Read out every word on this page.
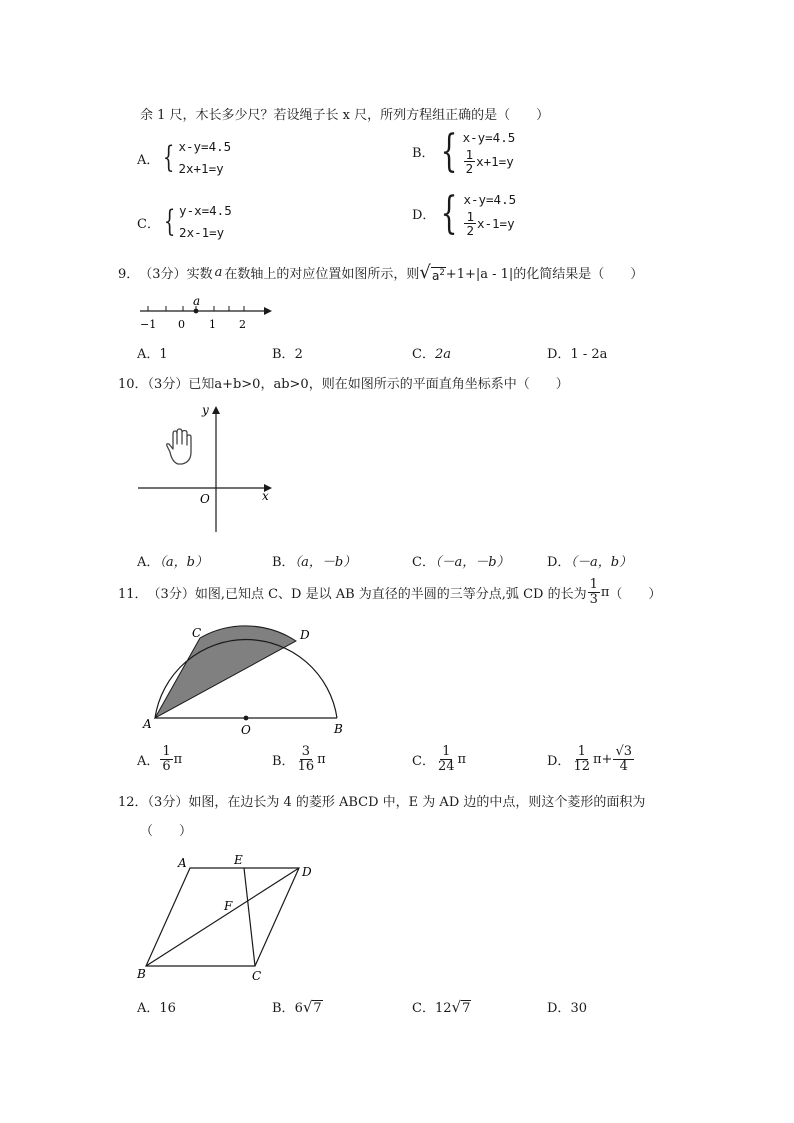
余 1 尺，木长多少尺？若设绳子长 x 尺，所列方程组正确的是（　　）
A． { x-y=4.5
2x+1=y
B． { x-y=4.5
$\frac{1}{2} x+1=y$
C． { y-x=4.5
2x-1=y
D． { x-y=4.5
$\frac{1}{2} x-1=y$
9． （3分） 实数 a 在数轴上的对应位置如图所示，则 √ $a^2 +1+|a - 1|$的化简结果是（　　）
a
−1 0 1 2
A．1	B．2	C．2a	D．1 - 2a
10．（3分）已知a+b>0，ab>0，则在如图所示的平面直角坐标系中（　　）
x
y
O
A．（a，b）	B．（a，－b）	C．（－a，－b）	D．（－a，b）
11． （3分） 如图,已知点 C、D 是以 AB 为直径的半圆的三等分点,弧 CD 的长为 $\frac{1}{3}$ π （　　）
A	B
C	D
O
A． $\frac{1}{6}$ π	B． $\frac{3}{16}$ π	C． $\frac{1}{24}$ π	D． $\frac{1}{12}$ $\pi + \frac{√3}{4}$
12．（3分）如图，在边长为 4 的菱形 ABCD 中，E 为 AD 边的中点，则这个菱形的面积为
（　　）
A
D
B	C
E
F
A．16	B． 6 √ 7	C． 12 √ 7	D．30
